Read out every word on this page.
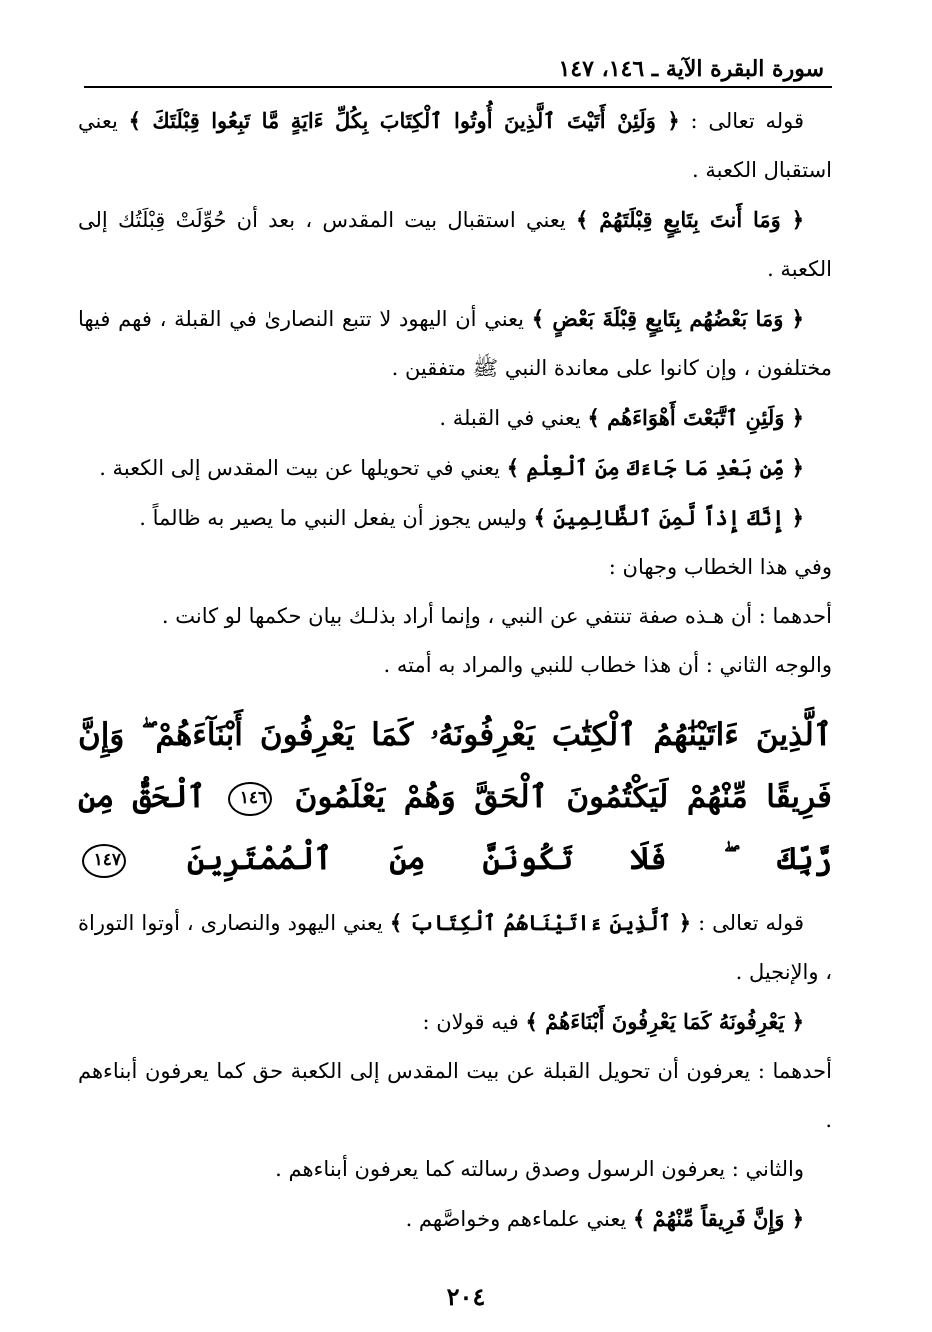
سورة البقرة الآية ـ ١٤٦، ١٤٧

قوله تعالى : ﴿ وَلَئِنْ أَتَيْتَ ٱلَّذِينَ أُوتُوا ٱلْكِتَابَ بِكُلِّ ءَايَةٍ مَّا تَبِعُوا قِبْلَتَكَ ﴾ يعني استقبال الكعبة .

﴿ وَمَا أَنتَ بِتَابِعٍ قِبْلَتَهُمْ ﴾ يعني استقبال بيت المقدس ، بعد أن حُوِّلَتْ قِبْلَتُك إلى الكعبة .

﴿ وَمَا بَعْضُهُم بِتَابِعٍ قِبْلَةَ بَعْضٍ ﴾ يعني أن اليهود لا تتبع النصارىٰ في القبلة ، فهم فيها مختلفون ، وإن كانوا على معاندة النبي ﷺ متفقين .

﴿ وَلَئِنِ ٱتَّبَعْتَ أَهْوَاءَهُم ﴾ يعني في القبلة .

﴿ مِّن بَعْدِ مَا جَاءَكَ مِنَ ٱلْعِلْمِ ﴾ يعني في تحويلها عن بيت المقدس إلى الكعبة .

﴿ إِنَّكَ إِذاً لَّمِنَ ٱلظَّالِمِينَ ﴾ وليس يجوز أن يفعل النبي ما يصير به ظالماً .

وفي هذا الخطاب وجهان :

أحدهما : أن هـذه صفة تنتفي عن النبي ، وإنما أراد بذلـك بيان حكمها لو كانت .

والوجه الثاني : أن هذا خطاب للنبي والمراد به أمته .

ٱلَّذِينَ ءَاتَيْنَٰهُمُ ٱلْكِتَٰبَ يَعْرِفُونَهُۥ كَمَا يَعْرِفُونَ أَبْنَآءَهُمْ ۖ وَإِنَّ فَرِيقًا مِّنْهُمْ لَيَكْتُمُونَ ٱلْحَقَّ وَهُمْ يَعْلَمُونَ ١٤٦ ٱلْحَقُّ مِن رَّبِّكَ ۖ فَلَا تَكُونَنَّ مِنَ ٱلْمُمْتَرِينَ ١٤٧

قوله تعالى : ﴿ ٱلَّذِينَ ءَاتَيْنَاهُمُ ٱلْكِتَابَ ﴾ يعني اليهود والنصارى ، أوتوا التوراة ، والإنجيل .

﴿ يَعْرِفُونَهُ كَمَا يَعْرِفُونَ أَبْنَاءَهُمْ ﴾ فيه قولان :

أحدهما : يعرفون أن تحويل القبلة عن بيت المقدس إلى الكعبة حق كما يعرفون أبناءهم .

والثاني : يعرفون الرسول وصدق رسالته كما يعرفون أبناءهم .

﴿ وَإِنَّ فَرِيقاً مِّنْهُمْ ﴾ يعني علماءهم وخواصَّهم .

٢٠٤
